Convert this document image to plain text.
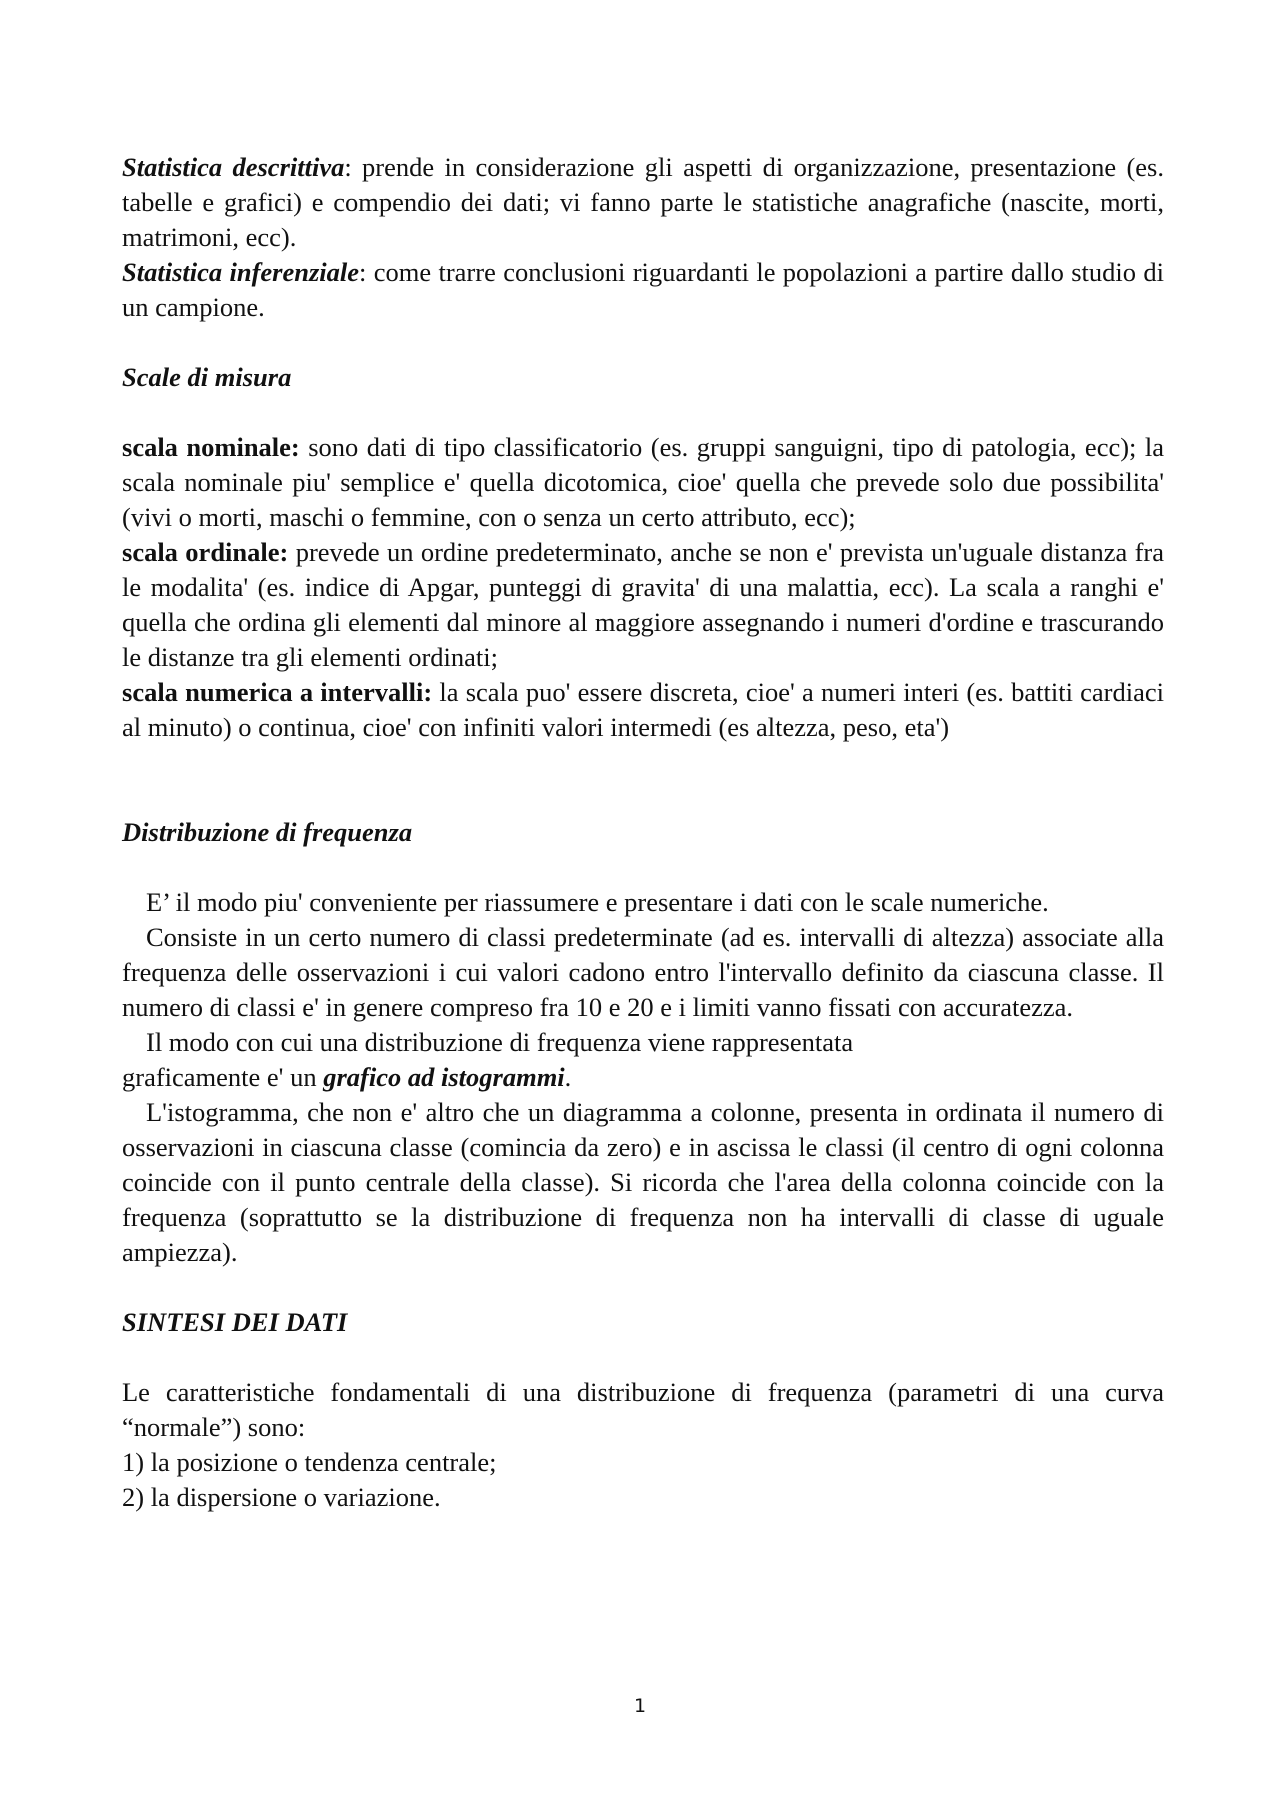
Statistica descrittiva: prende in considerazione gli aspetti di organizzazione, presentazione (es. tabelle e grafici) e compendio dei dati; vi fanno parte le statistiche anagrafiche (nascite, morti, matrimoni, ecc).

Statistica inferenziale: come trarre conclusioni riguardanti le popolazioni a partire dallo studio di un campione.

Scale di misura

scala nominale: sono dati di tipo classificatorio (es. gruppi sanguigni, tipo di patologia, ecc); la scala nominale piu' semplice e' quella dicotomica, cioe' quella che prevede solo due possibilita' (vivi o morti, maschi o femmine, con o senza un certo attributo, ecc);

scala ordinale: prevede un ordine predeterminato, anche se non e' prevista un'uguale distanza fra le modalita' (es. indice di Apgar, punteggi di gravita' di una malattia, ecc). La scala a ranghi e' quella che ordina gli elementi dal minore al maggiore assegnando i numeri d'ordine e trascurando le distanze tra gli elementi ordinati;

scala numerica a intervalli: la scala puo' essere discreta, cioe' a numeri interi (es. battiti cardiaci al minuto) o continua, cioe' con infiniti valori intermedi (es altezza, peso, eta')

Distribuzione di frequenza

E’ il modo piu' conveniente per riassumere e presentare i dati con le scale numeriche.

Consiste in un certo numero di classi predeterminate (ad es. intervalli di altezza) associate alla frequenza delle osservazioni i cui valori cadono entro l'intervallo definito da ciascuna classe. Il numero di classi e' in genere compreso fra 10 e 20 e i limiti vanno fissati con accuratezza.

Il modo con cui una distribuzione di frequenza viene rappresentata

graficamente e' un grafico ad istogrammi.

L'istogramma, che non e' altro che un diagramma a colonne, presenta in ordinata il numero di osservazioni in ciascuna classe (comincia da zero) e in ascissa le classi (il centro di ogni colonna coincide con il punto centrale della classe). Si ricorda che l'area della colonna coincide con la frequenza (soprattutto se la distribuzione di frequenza non ha intervalli di classe di uguale ampiezza).

SINTESI DEI DATI

Le caratteristiche fondamentali di una distribuzione di frequenza (parametri di una curva “normale”) sono:

1) la posizione o tendenza centrale;

2) la dispersione o variazione.

1
